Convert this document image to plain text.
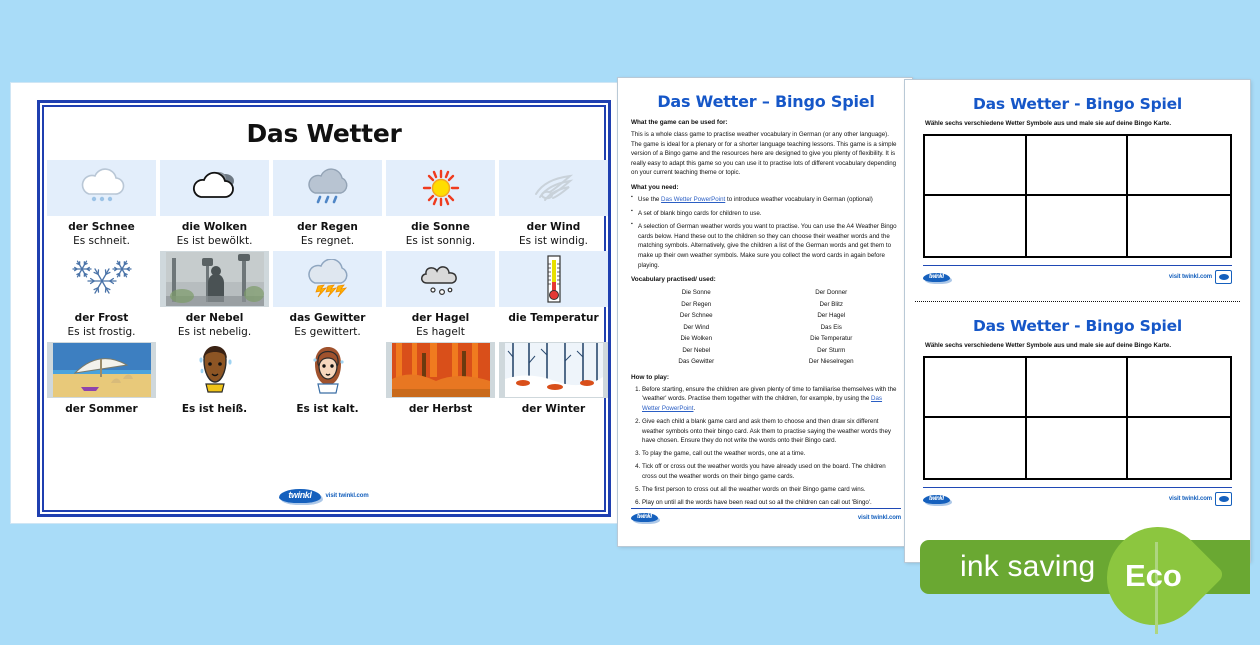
Das Wetter
der Schnee
Es schneit.
die Wolken
Es ist bewölkt.
der Regen
Es regnet.
die Sonne
Es ist sonnig.
der Wind
Es ist windig.
der Frost
Es ist frostig.
der Nebel
Es ist nebelig.
das Gewitter
Es gewittert.
der Hagel
Es hagelt
die Temperatur
der Sommer	Es ist heiß.	Es ist kalt.	der Herbst	der Winter
twinkl	visit twinkl.com
Das Wetter – Bingo Spiel
What the game can be used for:

This is a whole class game to practise weather vocabulary in German (or any other language). The game is ideal for a plenary or for a shorter language teaching lessons. This game is a simple version of a Bingo game and the resources here are designed to give you plenty of flexibility. It is really easy to adapt this game so you can use it to practise lots of different vocabulary depending on your current teaching theme or topic.

What you need:
▪ Use the Das Wetter PowerPoint to introduce weather vocabulary in German (optional)
▪ A set of blank bingo cards for children to use.
▪ A selection of German weather words you want to practise. You can use the A4 Weather Bingo cards below. Hand these out to the children so they can choose their weather words and the matching symbols. Alternatively, give the children a list of the German words and get them to make up their own weather symbols. Make sure you collect the word cards in again before playing.
Vocabulary practised/ used:
Die Sonne
Der Regen
Der Schnee
Der Wind
Die Wolken
Der Nebel
Das Gewitter
Der Donner
Der Blitz
Der Hagel
Das Eis
Die Temperatur
Der Sturm
Der Nieselregen
How to play:
1. Before starting, ensure the children are given plenty of time to familiarise themselves with the 'weather' words. Practise them together with the children, for example, by using the Das Wetter PowerPoint.
2. Give each child a blank game card and ask them to choose and then draw six different weather symbols onto their bingo card. Ask them to practise saying the weather words they have chosen. Ensure they do not write the words onto their Bingo card.
3. To play the game, call out the weather words, one at a time.
4. Tick off or cross out the weather words you have already used on the board. The children cross out the weather words on their bingo game cards.
5. The first person to cross out all the weather words on their Bingo game card wins.
6. Play on until all the words have been read out so all the children can call out 'Bingo'.
twinkl	visit twinkl.com
Das Wetter - Bingo Spiel
Wähle sechs verschiedene Wetter Symbole aus und male sie auf deine Bingo Karte.
twinkl	visit twinkl.com
Das Wetter - Bingo Spiel
Wähle sechs verschiedene Wetter Symbole aus und male sie auf deine Bingo Karte.
twinkl	visit twinkl.com
ink saving Eco
